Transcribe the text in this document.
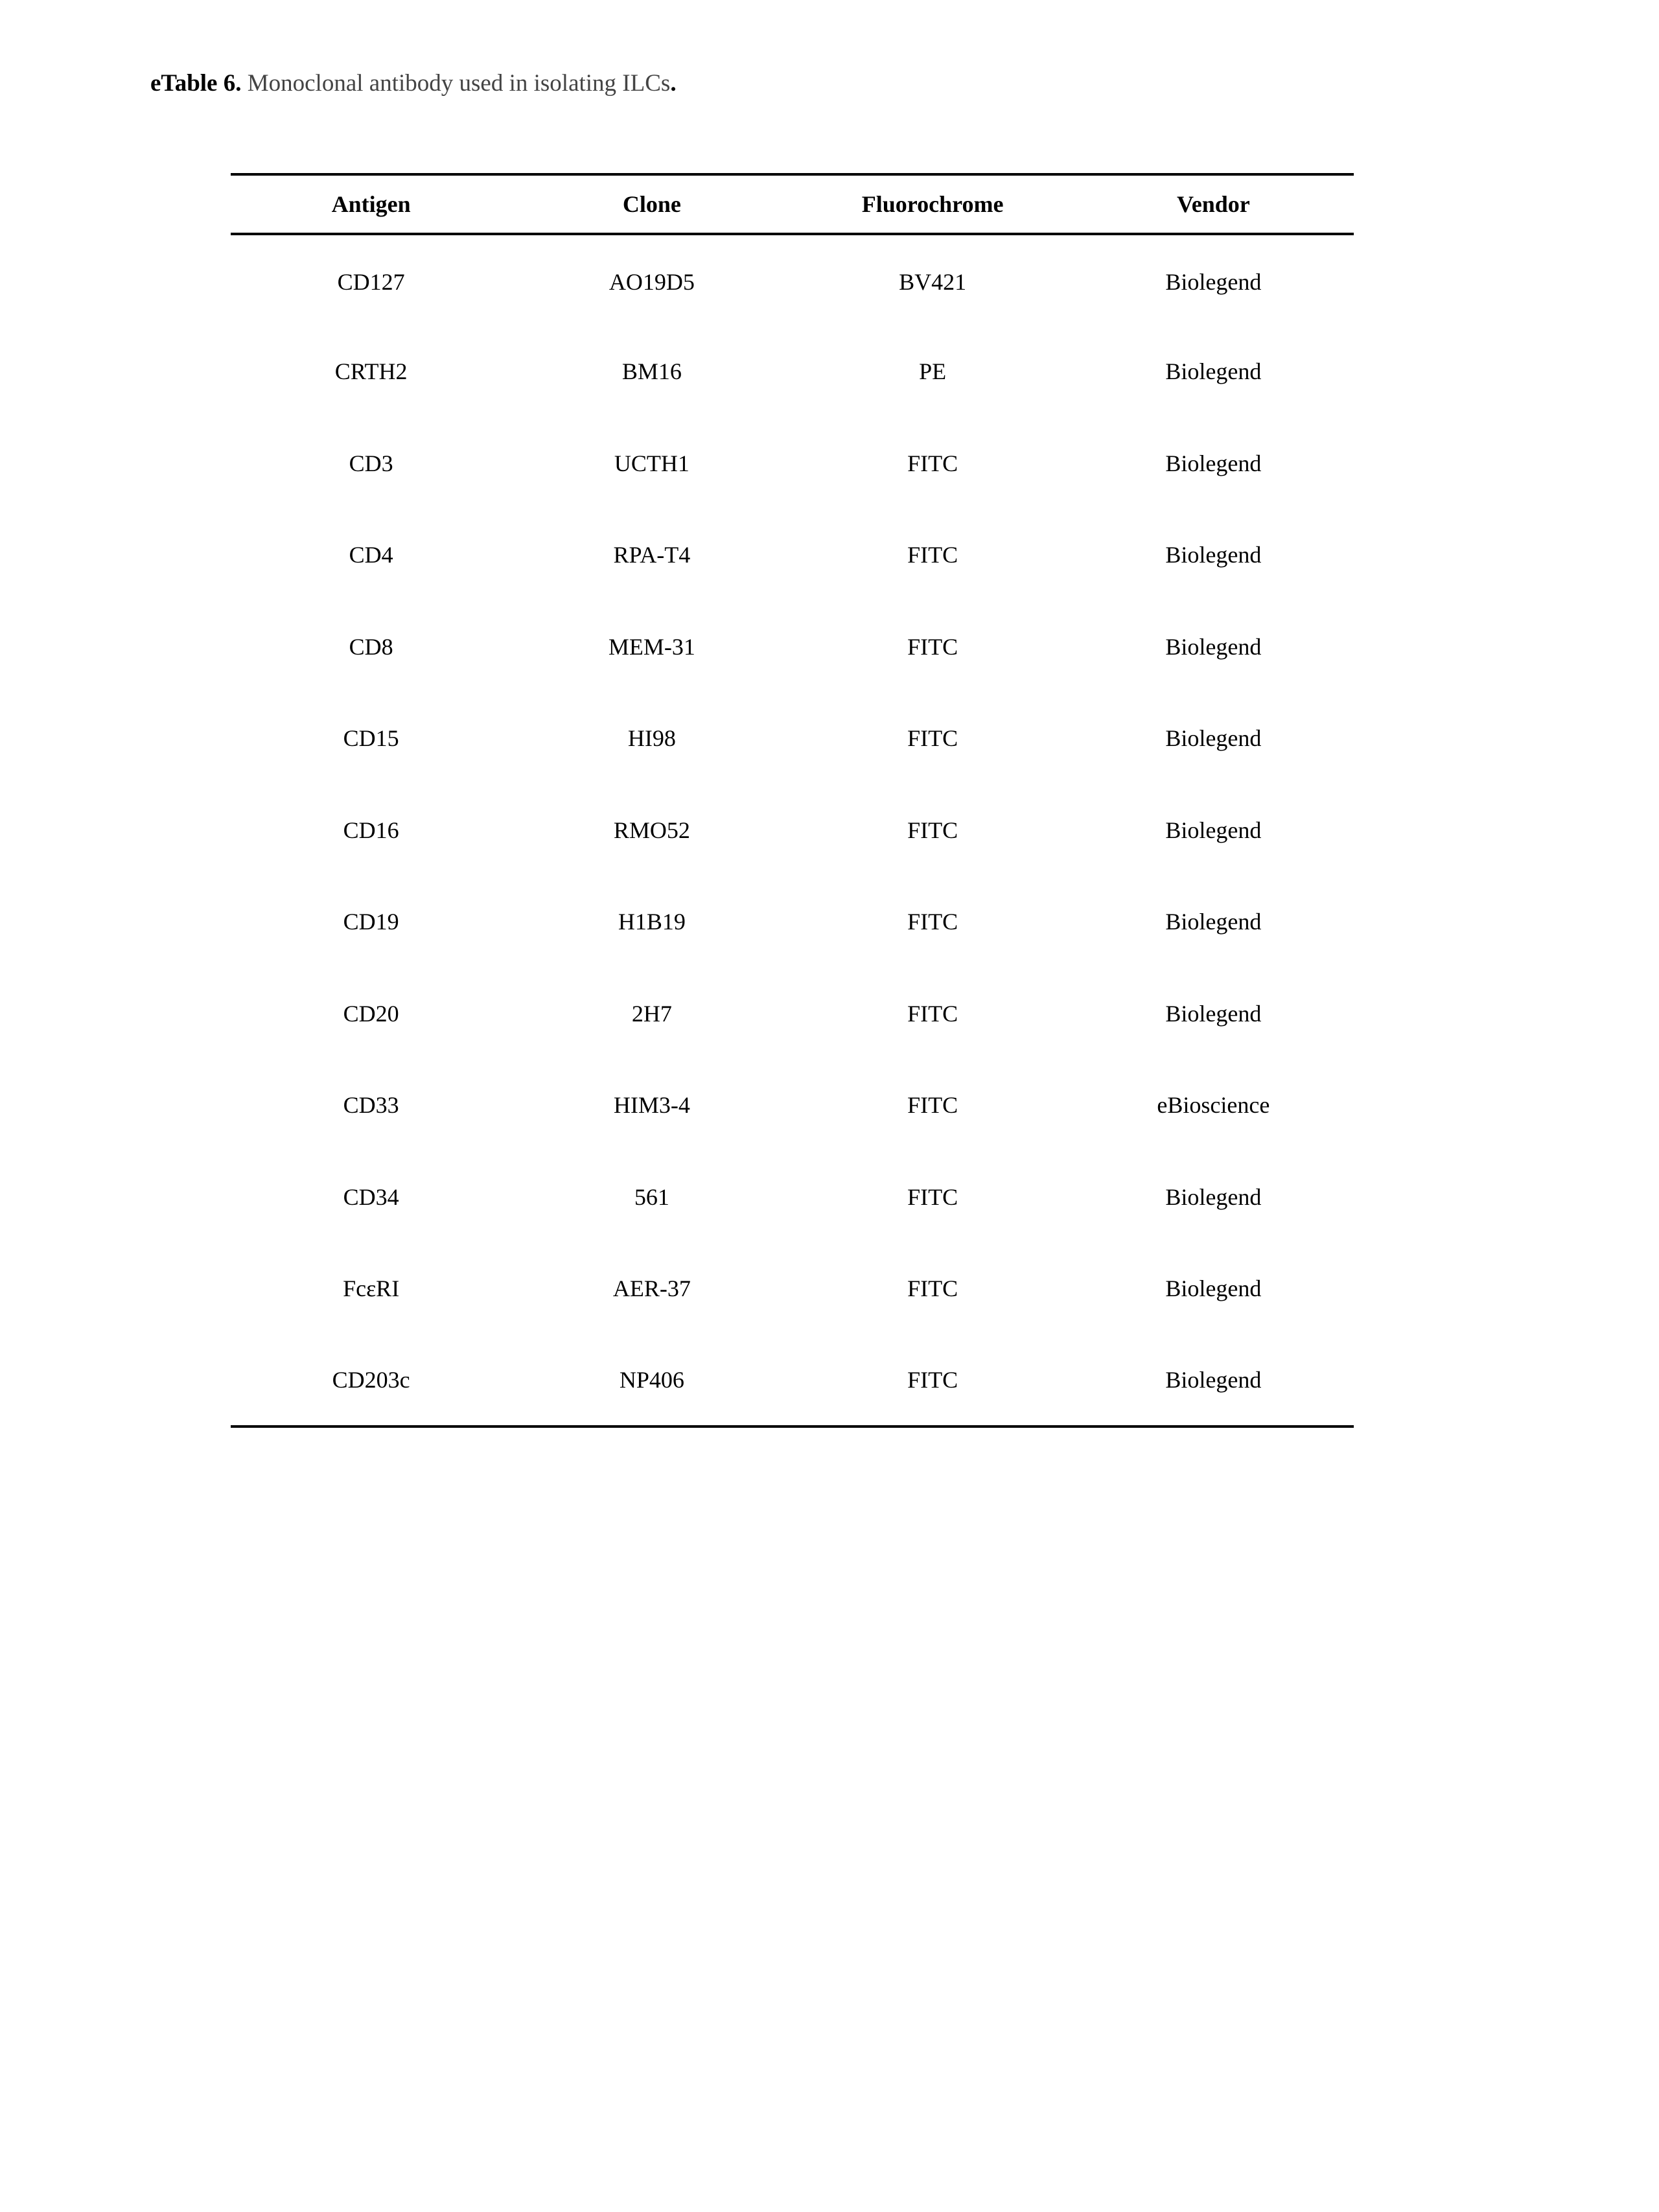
eTable 6. Monoclonal antibody used in isolating ILCs.
Antigen	Clone	Fluorochrome	Vendor
CD127	AO19D5	BV421	Biolegend
CRTH2	BM16	PE	Biolegend
CD3	UCTH1	FITC	Biolegend
CD4	RPA-T4	FITC	Biolegend
CD8	MEM-31	FITC	Biolegend
CD15	HI98	FITC	Biolegend
CD16	RMO52	FITC	Biolegend
CD19	H1B19	FITC	Biolegend
CD20	2H7	FITC	Biolegend
CD33	HIM3-4	FITC	eBioscience
CD34	561	FITC	Biolegend
FcεRI	AER-37	FITC	Biolegend
CD203c	NP406	FITC	Biolegend
